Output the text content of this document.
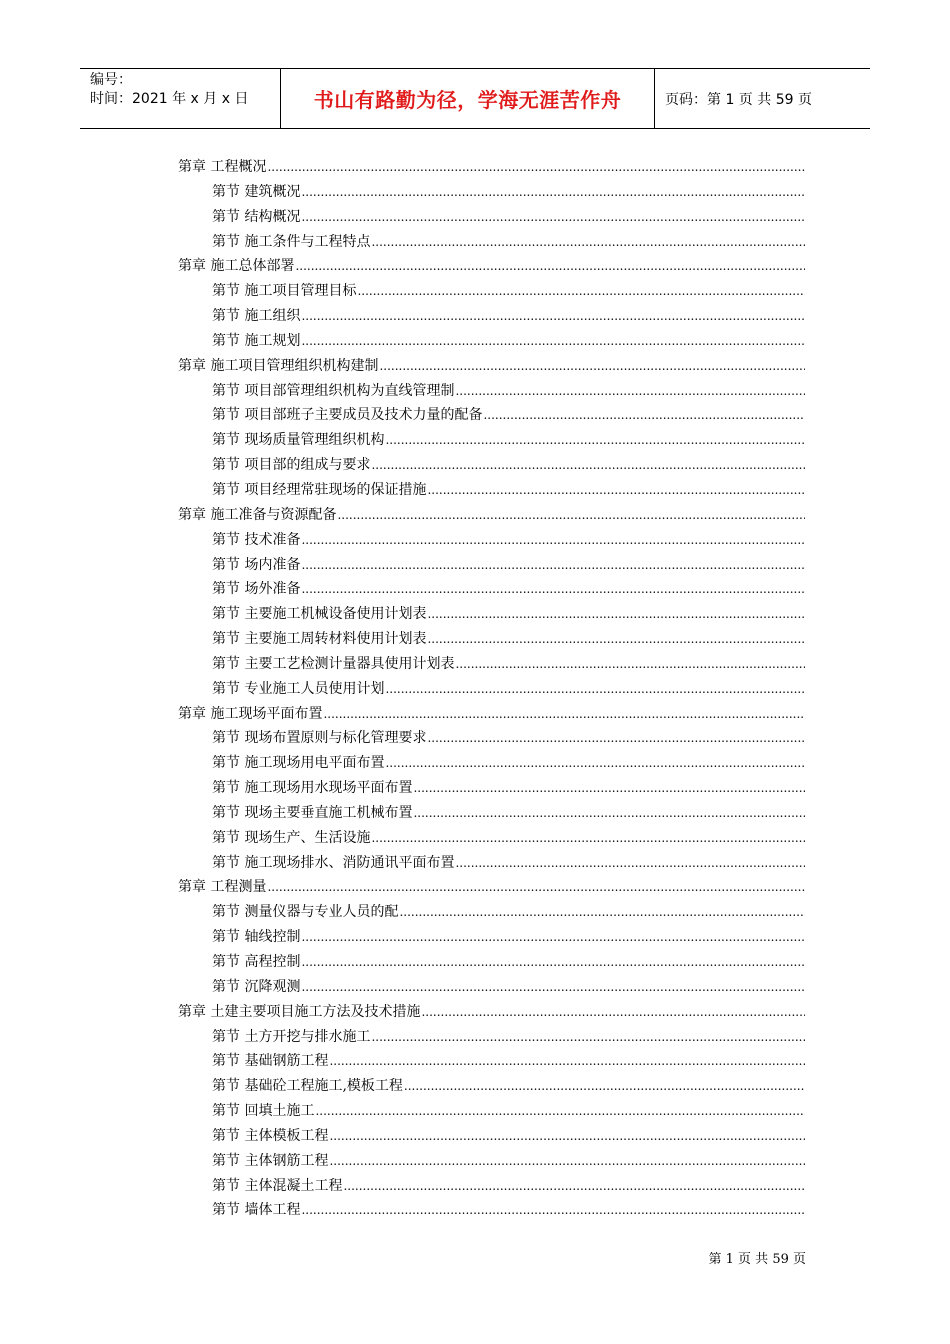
编号：
时间：2021 年 x 月 x 日	书山有路勤为径，学海无涯苦作舟	页码：第 1 页 共 59 页
第章 工程概况
.....
第节 建筑概况
.....
第节 结构概况
.....
第节 施工条件与工程特点
.....
第章 施工总体部署
.....
第节 施工项目管理目标
.....
第节 施工组织
.....
第节 施工规划
.....
第章 施工项目管理组织机构建制
.....
第节 项目部管理组织机构为直线管理制
.....
第节 项目部班子主要成员及技术力量的配备
.....
第节 现场质量管理组织机构
.....
第节 项目部的组成与要求
.....
第节 项目经理常驻现场的保证措施
.....
第章 施工准备与资源配备
.....
第节 技术准备
.....
第节 场内准备
.....
第节 场外准备
.....
第节 主要施工机械设备使用计划表
.....
第节 主要施工周转材料使用计划表
.....
第节 主要工艺检测计量器具使用计划表
.....
第节 专业施工人员使用计划
.....
第章 施工现场平面布置
.....
第节 现场布置原则与标化管理要求
.....
第节 施工现场用电平面布置
.....
第节 施工现场用水现场平面布置
.....
第节 现场主要垂直施工机械布置
.....
第节 现场生产、生活设施
.....
第节 施工现场排水、消防通讯平面布置
.....
第章 工程测量
.....
第节 测量仪器与专业人员的配
.....
第节 轴线控制
.....
第节 高程控制
.....
第节 沉降观测
.....
第章 土建主要项目施工方法及技术措施
.....
第节 土方开挖与排水施工
.....
第节 基础钢筋工程
.....
第节 基础砼工程施工,模板工程
.....
第节 回填土施工
.....
第节 主体模板工程
.....
第节 主体钢筋工程
.....
第节 主体混凝土工程
.....
第节 墙体工程
.....
第 1 页 共 59 页
